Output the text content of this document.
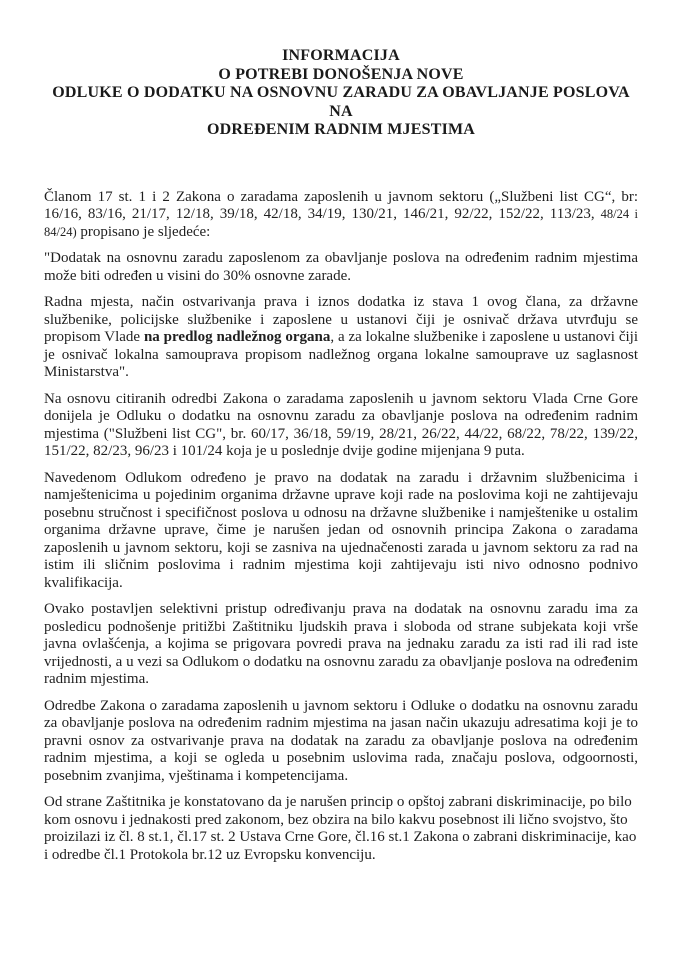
INFORMACIJA
O POTREBI DONOŠENJA NOVE
ODLUKE O DODATKU NA OSNOVNU ZARADU ZA OBAVLJANJE POSLOVA NA
ODREĐENIM RADNIM MJESTIMA

Članom 17 st. 1 i 2 Zakona o zaradama zaposlenih u javnom sektoru („Službeni list CG“, br: 16/16, 83/16, 21/17, 12/18, 39/18, 42/18, 34/19, 130/21, 146/21, 92/22, 152/22, 113/23, 48/24 i 84/24) propisano je sljedeće:

"Dodatak na osnovnu zaradu zaposlenom za obavljanje poslova na određenim radnim mjestima može biti određen u visini do 30% osnovne zarade.

Radna mjesta, način ostvarivanja prava i iznos dodatka iz stava 1 ovog člana, za državne službenike, policijske službenike i zaposlene u ustanovi čiji je osnivač država utvrđuju se propisom Vlade na predlog nadležnog organa, a za lokalne službenike i zaposlene u ustanovi čiji je osnivač lokalna samouprava propisom nadležnog organa lokalne samouprave uz saglasnost Ministarstva".

Na osnovu citiranih odredbi Zakona o zaradama zaposlenih u javnom sektoru Vlada Crne Gore donijela je Odluku o dodatku na osnovnu zaradu za obavljanje poslova na određenim radnim mjestima ("Službeni list CG", br. 60/17, 36/18, 59/19, 28/21, 26/22, 44/22, 68/22, 78/22, 139/22, 151/22, 82/23, 96/23 i 101/24 koja je u poslednje dvije godine mijenjana 9 puta.

Navedenom Odlukom određeno je pravo na dodatak na zaradu i državnim službenicima i namještenicima u pojedinim organima državne uprave koji rade na poslovima koji ne zahtijevaju posebnu stručnost i specifičnost poslova u odnosu na državne službenike i namještenike u ostalim organima državne uprave, čime je narušen jedan od osnovnih principa Zakona o zaradama zaposlenih u javnom sektoru, koji se zasniva na ujednačenosti zarada u javnom sektoru za rad na istim ili sličnim poslovima i radnim mjestima koji zahtijevaju isti nivo odnosno podnivo kvalifikacija.

Ovako postavljen selektivni pristup određivanju prava na dodatak na osnovnu zaradu ima za posledicu podnošenje pritižbi Zaštitniku ljudskih prava i sloboda od strane subjekata koji vrše javna ovlašćenja, a kojima se prigovara povredi prava na jednaku zaradu za isti rad ili rad iste vrijednosti, a u vezi sa Odlukom o dodatku na osnovnu zaradu za obavljanje poslova na određenim radnim mjestima.

Odredbe Zakona o zaradama zaposlenih u javnom sektoru i Odluke o dodatku na osnovnu zaradu za obavljanje poslova na određenim radnim mjestima na jasan način ukazuju adresatima koji je to pravni osnov za ostvarivanje prava na dodatak na zaradu za obavljanje poslova na određenim radnim mjestima, a koji se ogleda u posebnim uslovima rada, značaju poslova, odgoornosti, posebnim zvanjima, vještinama i kompetencijama.

Od strane Zaštitnika je konstatovano da je narušen princip o opštoj zabrani diskriminacije, po bilo kom osnovu i jednakosti pred zakonom, bez obzira na bilo kakvu posebnost ili lično svojstvo, što proizilazi iz čl. 8 st.1, čl.17 st. 2 Ustava Crne Gore, čl.16 st.1 Zakona o zabrani diskriminacije, kao i odredbe čl.1 Protokola br.12 uz Evropsku konvenciju.
